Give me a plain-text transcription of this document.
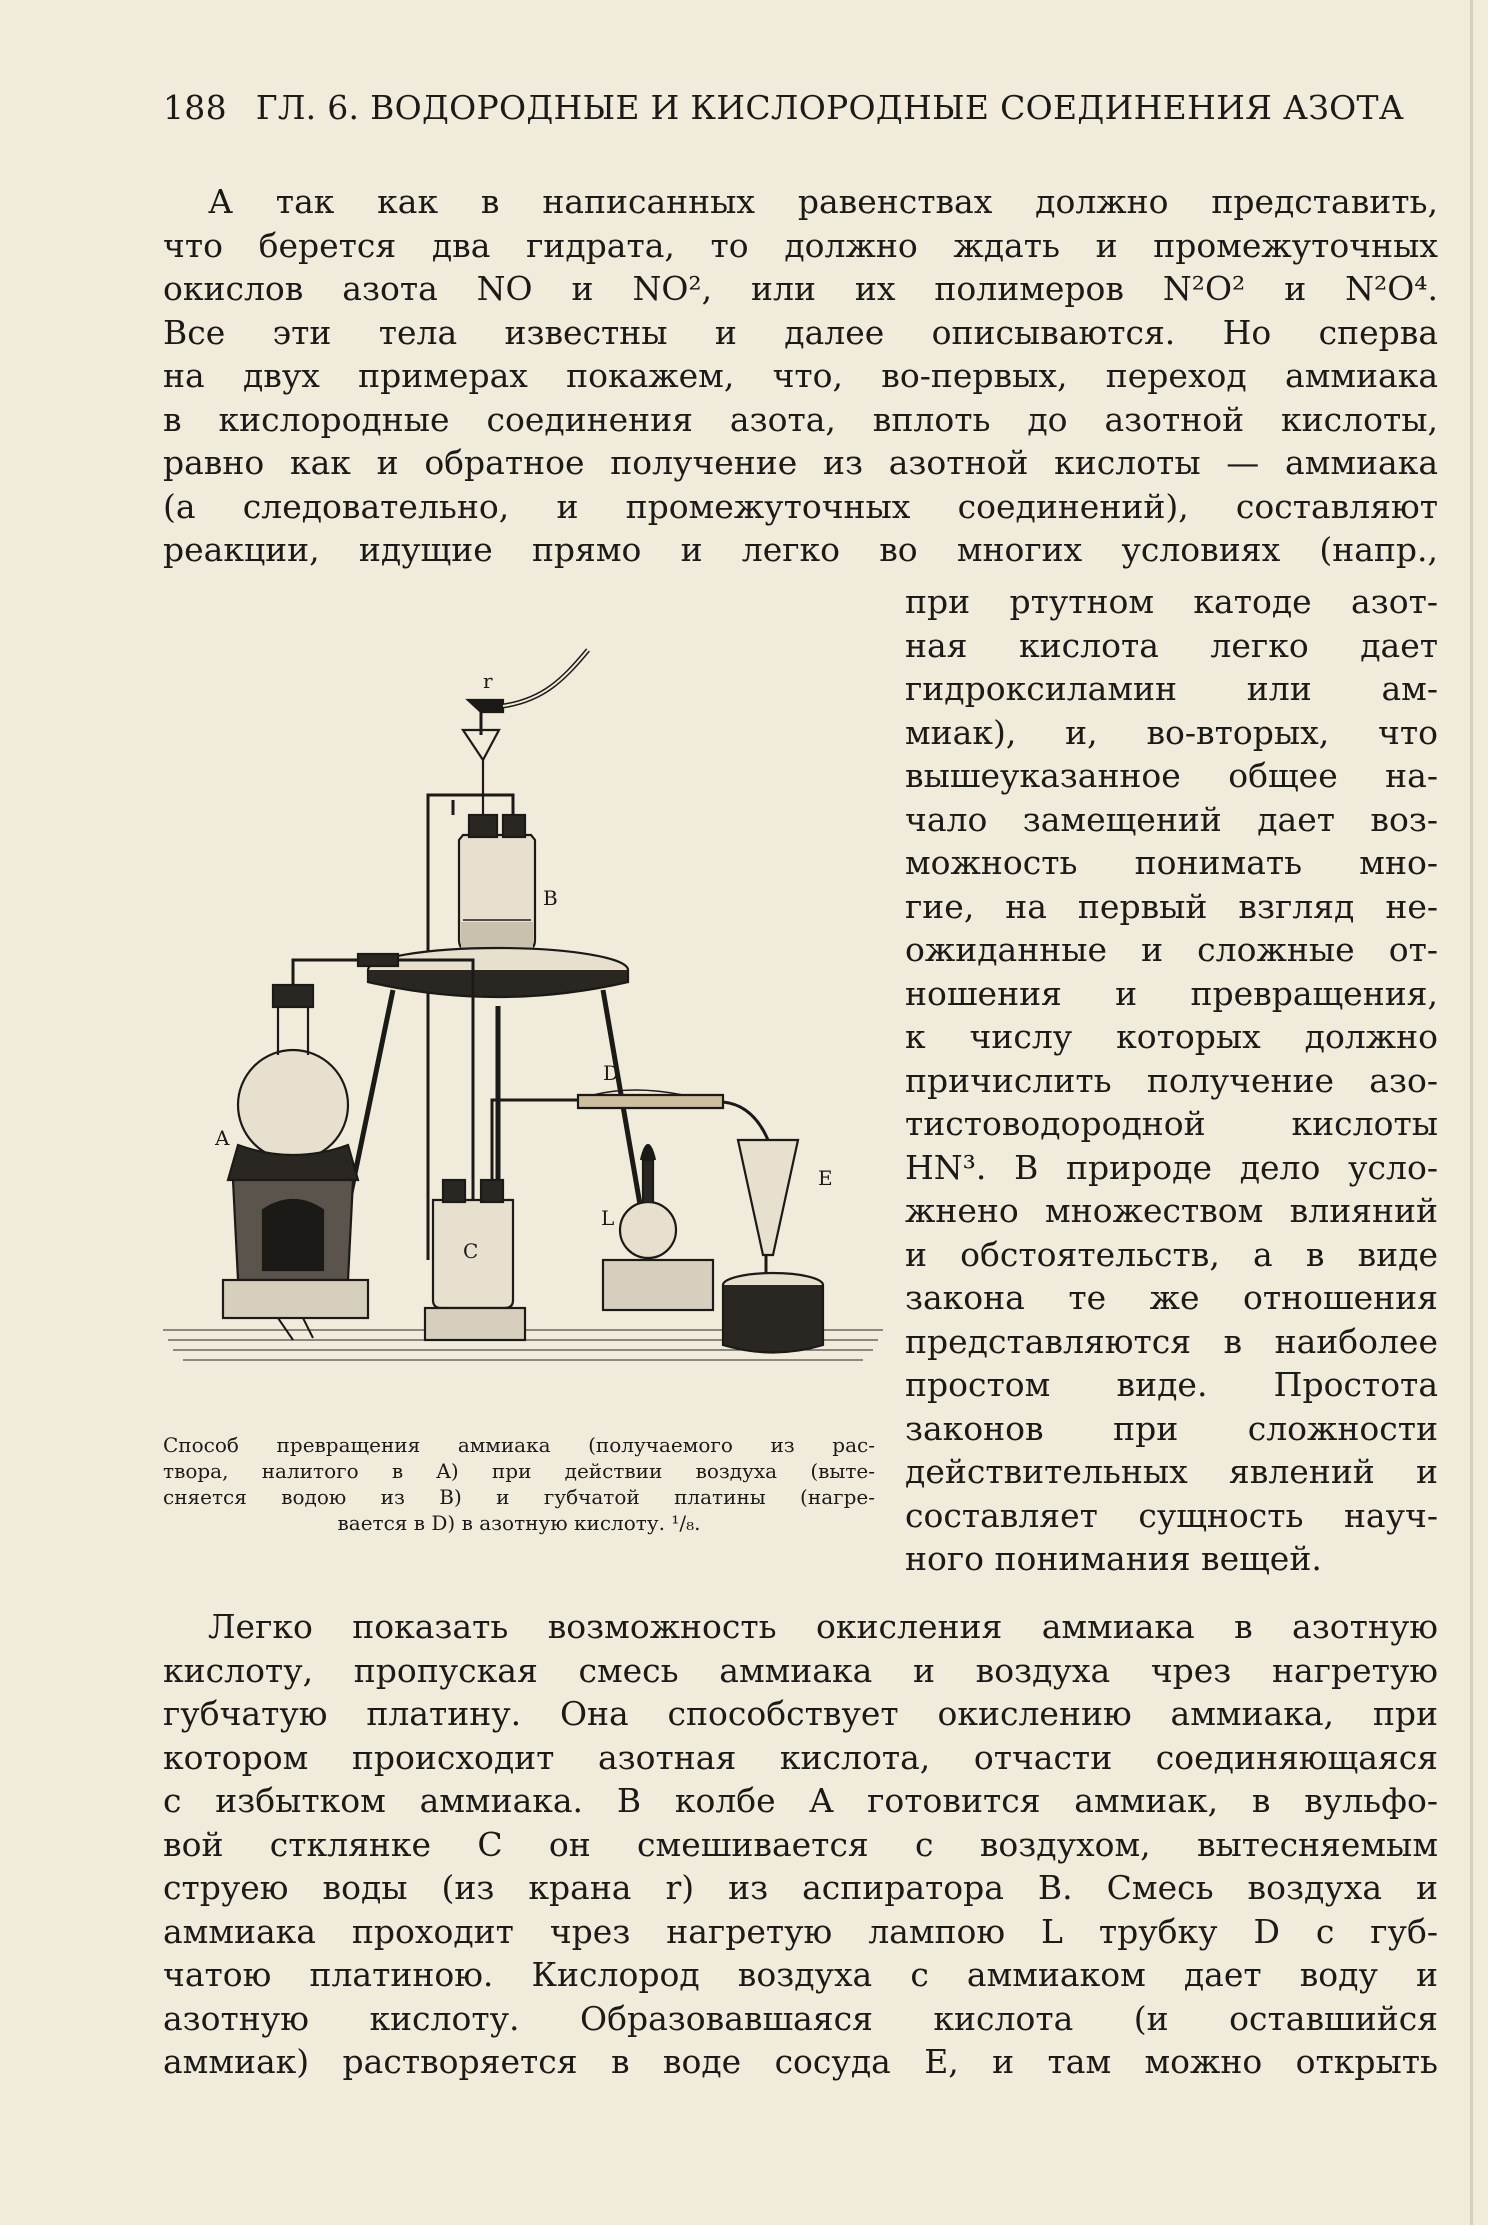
188 ГЛ. 6. ВОДОРОДНЫЕ И КИСЛОРОДНЫЕ СОЕДИНЕНИЯ АЗОТА
А так как в написанных равенствах должно представить,
что берется два гидрата, то должно ждать и промежуточных
окислов азота NO и NO², или их полимеров N²O² и N²O⁴.
Все эти тела известны и далее описываются. Но сперва
на двух примерах покажем, что, во-первых, переход аммиака
в кислородные соединения азота, вплоть до азотной кислоты,
равно как и обратное получение из азотной кислоты — аммиака
(а следовательно, и промежуточных соединений), составляют
реакции, идущие прямо и легко во многих условиях (напр.,
при ртутном катоде азот-
ная кислота легко дает
гидроксиламин или ам-
миак), и, во-вторых, что
вышеуказанное общее на-
чало замещений дает воз-
можность понимать мно-
гие, на первый взгляд не-
ожиданные и сложные от-
ношения и превращения,
к числу которых должно
причислить получение азо-
тистоводородной кислоты
HN³. В природе дело усло-
жнено множеством влияний
и обстоятельств, а в виде
закона те же отношения
представляются в наиболее
простом виде. Простота
законов при сложности
действительных явлений и
составляет сущность науч-
ного понимания вещей.
r
B
A
C
D
E
L
Способ превращения аммиака (получаемого из рас-
твора, налитого в A) при действии воздуха (выте-
сняется водою из B) и губчатой платины (нагре-
вается в D) в азотную кислоту. ¹/₈.
Легко показать возможность окисления аммиака в азотную
кислоту, пропуская смесь аммиака и воздуха чрез нагретую
губчатую платину. Она способствует окислению аммиака, при
котором происходит азотная кислота, отчасти соединяющаяся
с избытком аммиака. В колбе A готовится аммиак, в вульфо-
вой стклянке C он смешивается с воздухом, вытесняемым
струею воды (из крана r) из аспиратора B. Смесь воздуха и
аммиака проходит чрез нагретую лампою L трубку D с губ-
чатою платиною. Кислород воздуха с аммиаком дает воду и
азотную кислоту. Образовавшаяся кислота (и оставшийся
аммиак) растворяется в воде сосуда E, и там можно открыть
